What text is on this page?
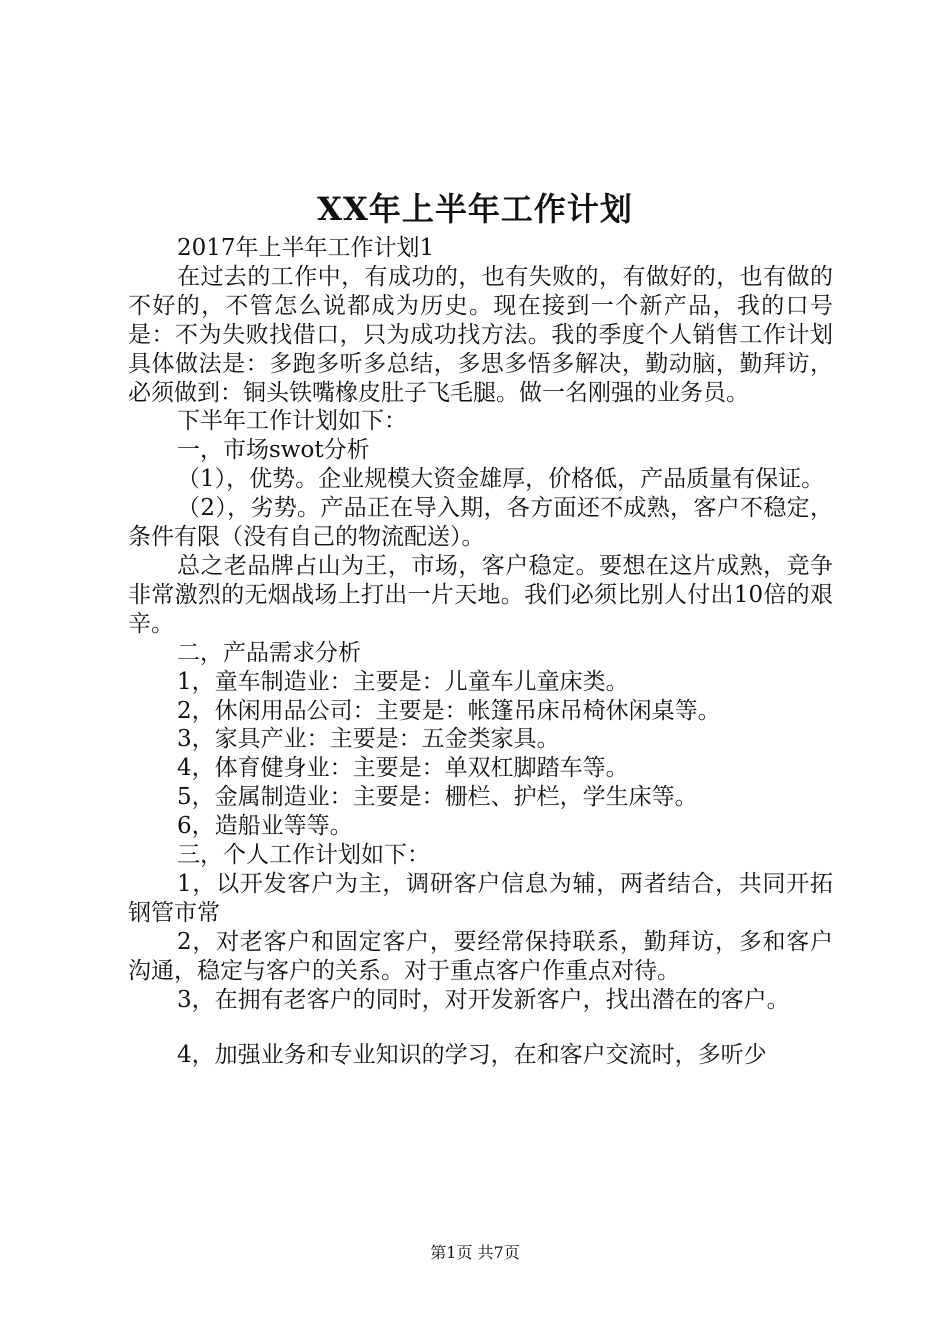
XX年上半年工作计划

2017年上半年工作计划1

在过去的工作中，有成功的，也有失败的，有做好的，也有做的不好的，不管怎么说都成为历史。现在接到一个新产品，我的口号是：不为失败找借口，只为成功找方法。我的季度个人销售工作计划具体做法是：多跑多听多总结，多思多悟多解决，勤动脑，勤拜访，必须做到：铜头铁嘴橡皮肚子飞毛腿。做一名刚强的业务员。

下半年工作计划如下：

一，市场swot分析

（1），优势。企业规模大资金雄厚，价格低，产品质量有保证。

（2），劣势。产品正在导入期，各方面还不成熟，客户不稳定，条件有限（没有自己的物流配送）。

总之老品牌占山为王，市场，客户稳定。要想在这片成熟，竞争非常激烈的无烟战场上打出一片天地。我们必须比别人付出10倍的艰辛。

二，产品需求分析

1，童车制造业：主要是：儿童车儿童床类。

2，休闲用品公司：主要是：帐篷吊床吊椅休闲桌等。

3，家具产业：主要是：五金类家具。

4，体育健身业：主要是：单双杠脚踏车等。

5，金属制造业：主要是：栅栏、护栏，学生床等。

6，造船业等等。

三，个人工作计划如下：

1，以开发客户为主，调研客户信息为辅，两者结合，共同开拓钢管市常

2，对老客户和固定客户，要经常保持联系，勤拜访，多和客户沟通，稳定与客户的关系。对于重点客户作重点对待。

3，在拥有老客户的同时，对开发新客户，找出潜在的客户。

4，加强业务和专业知识的学习，在和客户交流时，多听少

第1页 共7页
